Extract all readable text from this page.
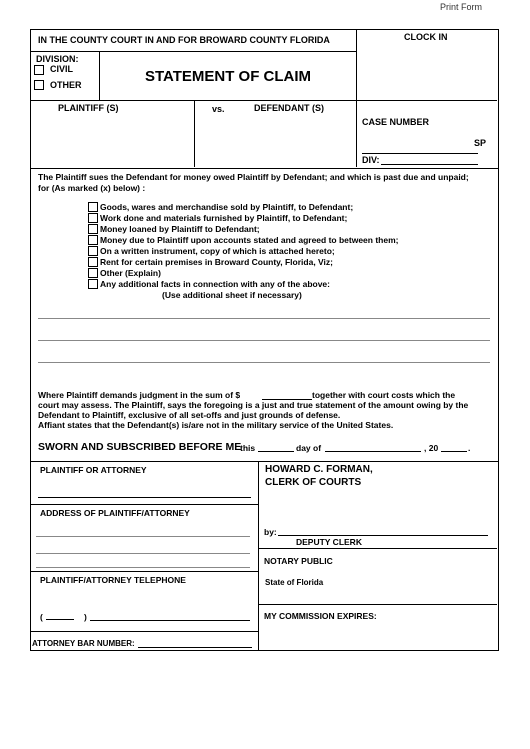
Print Form
IN THE COUNTY COURT IN AND FOR BROWARD COUNTY FLORIDA	CLOCK IN
DIVISION:
CIVIL
OTHER	STATEMENT OF CLAIM
PLAINTIFF (S)	vs.	DEFENDANT (S)
CASE NUMBER
SP
DIV:
The Plaintiff sues the Defendant for money owed Plaintiff by Defendant; and which is past due and unpaid;
for (As marked (x) below) :
Goods, wares and merchandise sold by Plaintiff, to Defendant;
Work done and materials furnished by Plaintiff, to Defendant;
Money loaned by Plaintiff to Defendant;
Money due to Plaintiff upon accounts stated and agreed to between them;
On a written instrument, copy of which is attached hereto;
Rent for certain premises in Broward County, Florida, Viz;
Other (Explain)
Any additional facts in connection with any of the above:
(Use additional sheet if necessary)
Where Plaintiff demands judgment in the sum of $	together with court costs which the
court may assess. The Plaintiff, says the foregoing is a just and true statement of the amount owing by the
Defendant to Plaintiff, exclusive of all set-offs and just grounds of defense.
Affiant states that the Defendant(s) is/are not in the military service of the United States.
SWORN AND SUBSCRIBED BEFORE ME
this	day of	, 20	.
PLAINTIFF OR ATTORNEY
ADDRESS OF PLAINTIFF/ATTORNEY
PLAINTIFF/ATTORNEY TELEPHONE
(	)
ATTORNEY BAR NUMBER:
HOWARD C. FORMAN,
CLERK OF COURTS
by:
DEPUTY CLERK
NOTARY PUBLIC
State of Florida
MY COMMISSION EXPIRES:
